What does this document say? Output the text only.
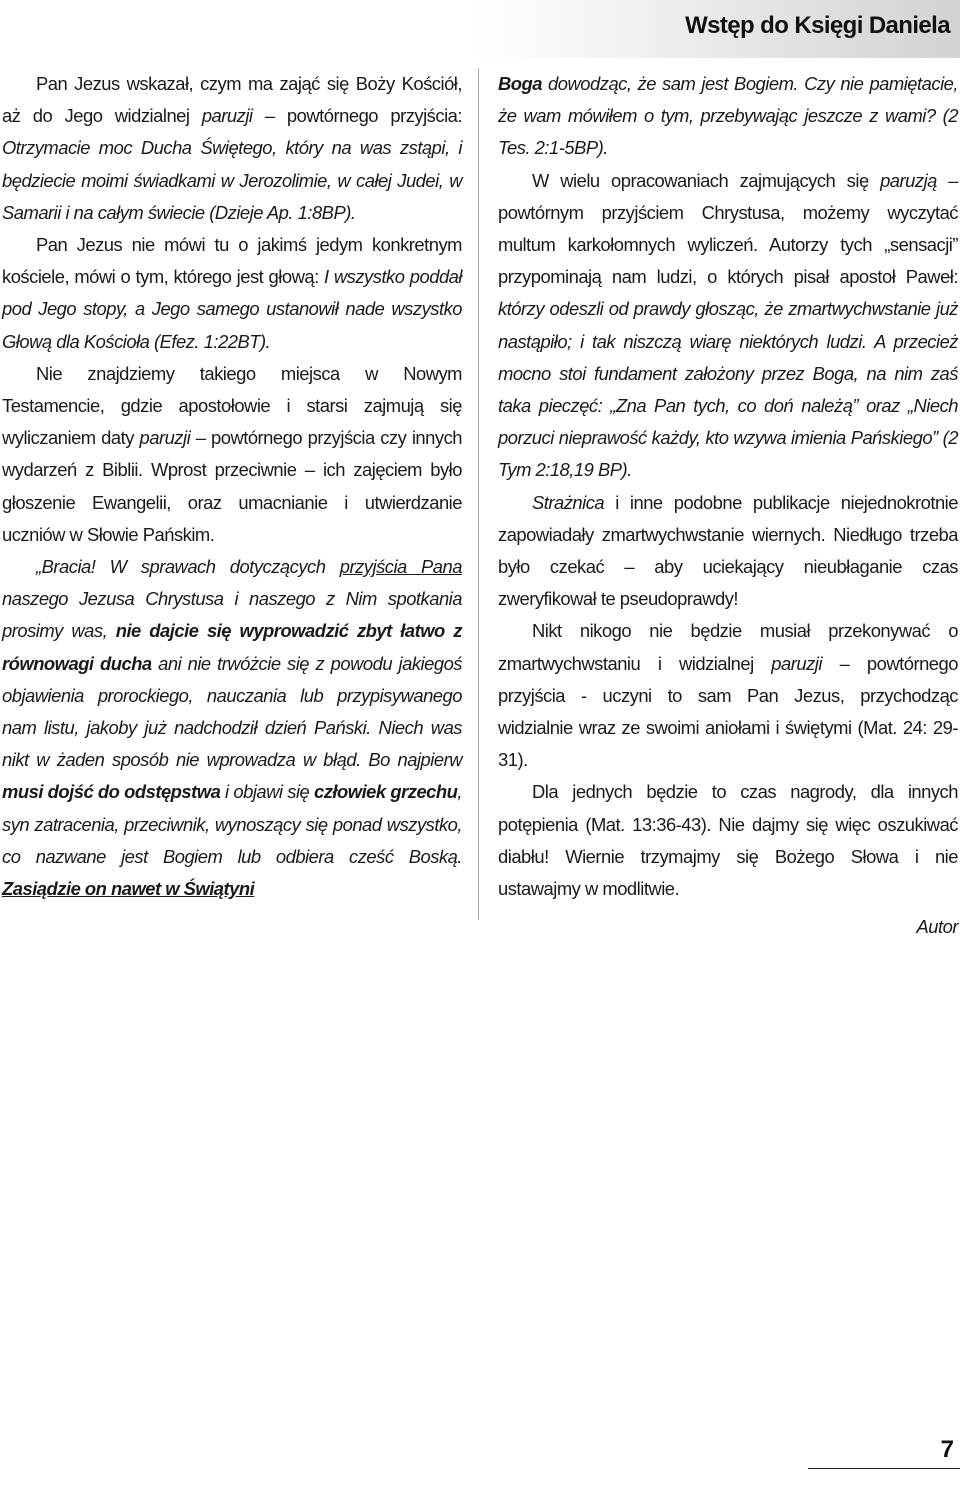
Wstęp do Księgi Daniela

Pan Jezus wskazał, czym ma zająć się Boży Kościół, aż do Jego widzialnej paruzji – powtórnego przyjścia: Otrzymacie moc Ducha Świętego, który na was zstąpi, i będziecie moimi świadkami w Jerozolimie, w całej Judei, w Samarii i na całym świecie (Dzieje Ap. 1:8BP).

Pan Jezus nie mówi tu o jakimś jedym konkretnym kościele, mówi o tym, którego jest głową: I wszystko poddał pod Jego stopy, a Jego samego ustanowił nade wszystko Głową dla Kościoła (Efez. 1:22BT).

Nie znajdziemy takiego miejsca w Nowym Testamencie, gdzie apostołowie i starsi zajmują się wyliczaniem daty paruzji – powtórnego przyjścia czy innych wydarzeń z Biblii. Wprost przeciwnie – ich zajęciem było głoszenie Ewangelii, oraz umacnianie i utwierdzanie uczniów w Słowie Pańskim.

„Bracia! W sprawach dotyczących przyjścia Pana naszego Jezusa Chrystusa i naszego z Nim spotkania prosimy was, nie dajcie się wyprowadzić zbyt łatwo z równowagi ducha ani nie trwóżcie się z powodu jakiegoś objawienia prorockiego, nauczania lub przypisywanego nam listu, jakoby już nadchodził dzień Pański. Niech was nikt w żaden sposób nie wprowadza w błąd. Bo najpierw musi dojść do odstępstwa i objawi się człowiek grzechu, syn zatracenia, przeciwnik, wynoszący się ponad wszystko, co nazwane jest Bogiem lub odbiera cześć Boską. Zasiądzie on nawet w Świątyni

Boga dowodząc, że sam jest Bogiem. Czy nie pamiętacie, że wam mówiłem o tym, przebywając jeszcze z wami? (2 Tes. 2:1-5BP).

W wielu opracowaniach zajmujących się paruzją – powtórnym przyjściem Chrystusa, możemy wyczytać multum karkołomnych wyliczeń. Autorzy tych „sensacji” przypominają nam ludzi, o których pisał apostoł Paweł: którzy odeszli od prawdy głosząc, że zmartwychwstanie już nastąpiło; i tak niszczą wiarę niektórych ludzi. A przecież mocno stoi fundament założony przez Boga, na nim zaś taka pieczęć: „Zna Pan tych, co doń należą” oraz „Niech porzuci nieprawość każdy, kto wzywa imienia Pańskiego” (2 Tym 2:18,19 BP).

Strażnica i inne podobne publikacje niejednokrotnie zapowiadały zmartwychwstanie wiernych. Niedługo trzeba było czekać – aby uciekający nieubłaganie czas zweryfikował te pseudoprawdy!

Nikt nikogo nie będzie musiał przekonywać o zmartwychwstaniu i widzialnej paruzji – powtórnego przyjścia - uczyni to sam Pan Jezus, przychodząc widzialnie wraz ze swoimi aniołami i świętymi (Mat. 24: 29-31).

Dla jednych będzie to czas nagrody, dla innych potępienia (Mat. 13:36-43). Nie dajmy się więc oszukiwać diabłu! Wiernie trzymajmy się Bożego Słowa i nie ustawajmy w modlitwie.

Autor

7
